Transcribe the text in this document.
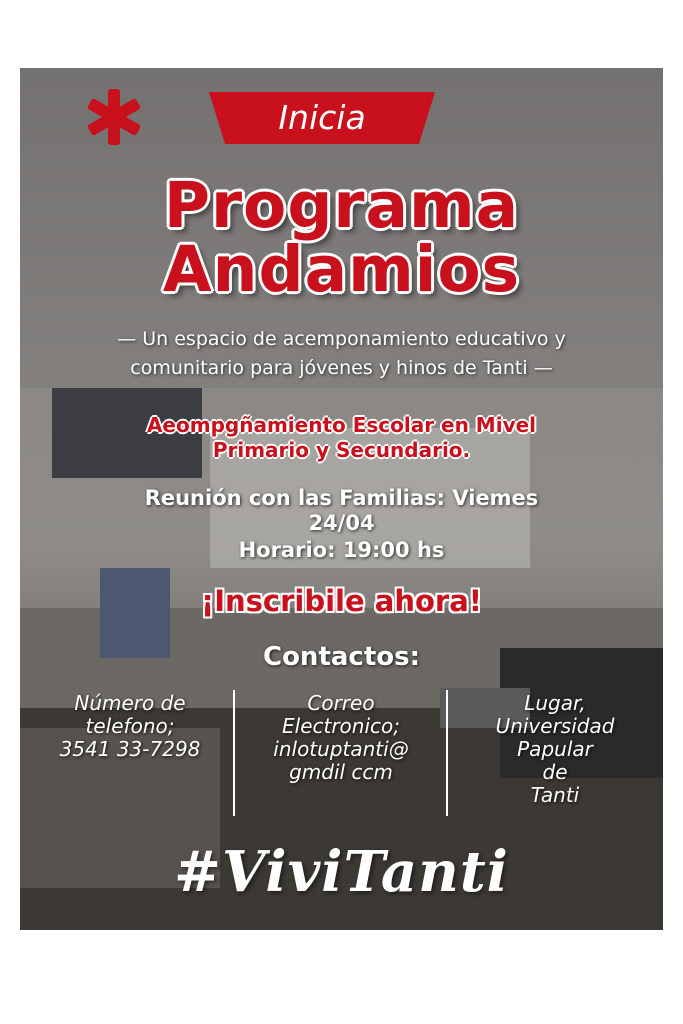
Inicia
Programa
Andamios
— Un espacio de acemponamiento educativo y
comunitario para jóvenes y hinos de Tanti —
Aeompgñamiento Escolar en Mivel
Primario y Secundario.
Reunión con las Familias: Viemes
24/04
Horario: 19:00 hs
¡Inscribile ahora!
Contactos:
Número de
telefono;
3541 33-7298
Correo
Electronico;
inlotuptanti@
gmdil ccm
Lugar,
Universidad
Papular
de
Tanti
#ViviTanti
